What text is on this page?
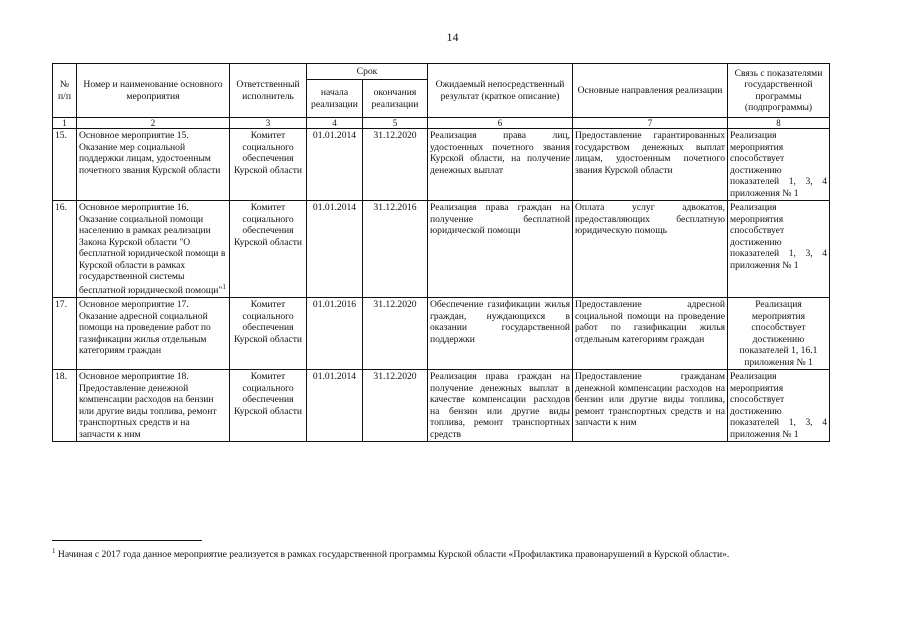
14
№ п/п	Номер и наименование основного мероприятия	Ответственный исполнитель	Срок		Ожидаемый непосредственный результат (краткое описание)	Основные направления реализации	Связь с показателями государственной программы (подпрограммы)
			начала реализации	окончания реализации			
1	2	3	4	5	6	7	8
15.	Основное мероприятие 15. Оказание мер социальной поддержки лицам, удостоенным почетного звания Курской области	Комитет социального обеспечения Курской области	01.01.2014	31.12.2020	Реализация права лиц, удостоенных почетного звания Курской области, на получение денежных выплат	Предоставление гарантированных государством денежных выплат лицам, удостоенным почетного звания Курской области	Реализация мероприятия способствует достижению показателей 1, 3, 4 приложения № 1
16.	Основное мероприятие 16. Оказание социальной помощи населению в рамках реализации Закона Курской области "О бесплатной юридической помощи в Курской области в рамках государственной системы бесплатной юридической помощи"$^1$	Комитет социального обеспечения Курской области	01.01.2014	31.12.2016	Реализация права граждан на получение бесплатной юридической помощи	Оплата услуг адвокатов, предоставляющих бесплатную юридическую помощь	Реализация мероприятия способствует достижению показателей 1, 3, 4 приложения № 1
17.	Основное мероприятие 17. Оказание адресной социальной помощи на проведение работ по газификации жилья отдельным категориям граждан	Комитет социального обеспечения Курской области	01.01.2016	31.12.2020	Обеспечение газификации жилья граждан, нуждающихся в оказании государственной поддержки	Предоставление адресной социальной помощи на проведение работ по газификации жилья отдельным категориям граждан	Реализация мероприятия способствует достижению показателей 1, 16.1 приложения № 1
18.	Основное мероприятие 18. Предоставление денежной компенсации расходов на бензин или другие виды топлива, ремонт транспортных средств и на запчасти к ним	Комитет социального обеспечения Курской области	01.01.2014	31.12.2020	Реализация права граждан на получение денежных выплат в качестве компенсации расходов на бензин или другие виды топлива, ремонт транспортных средств	Предоставление гражданам денежной компенсации расходов на бензин или другие виды топлива, ремонт транспортных средств и на запчасти к ним	Реализация мероприятия способствует достижению показателей 1, 3, 4 приложения № 1
$^1$ Начиная с 2017 года данное мероприятие реализуется в рамках государственной программы Курской области «Профилактика правонарушений в Курской области».
